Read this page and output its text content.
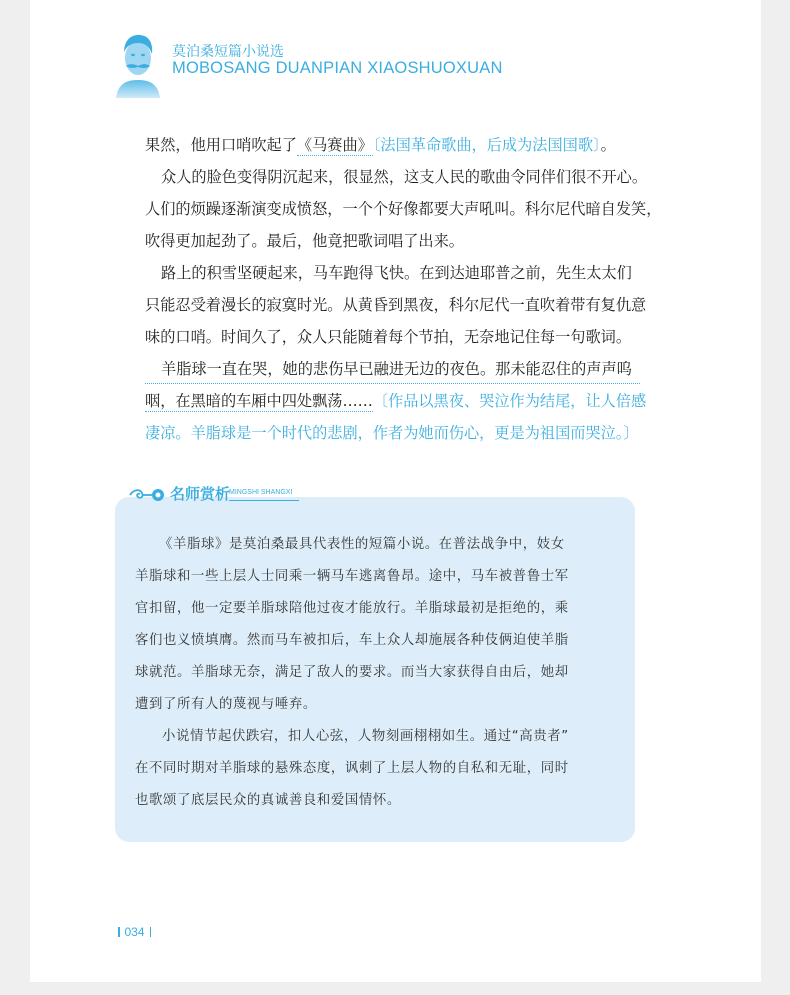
莫泊桑短篇小说选
MOBOSANG DUANPIAN XIAOSHUOXUAN
果然，他用口哨吹起了《马赛曲》〔法国革命歌曲，后成为法国国歌〕。
众人的脸色变得阴沉起来，很显然，这支人民的歌曲令同伴们很不开心。
人们的烦躁逐渐演变成愤怒，一个个好像都要大声吼叫。科尔尼代暗自发笑，
吹得更加起劲了。最后，他竟把歌词唱了出来。
路上的积雪坚硬起来，马车跑得飞快。在到达迪耶普之前，先生太太们
只能忍受着漫长的寂寞时光。从黄昏到黑夜，科尔尼代一直吹着带有复仇意
味的口哨。时间久了，众人只能随着每个节拍，无奈地记住每一句歌词。
羊脂球一直在哭，她的悲伤早已融进无边的夜色。那未能忍住的声声呜
咽，在黑暗的车厢中四处飘荡……〔作品以黑夜、哭泣作为结尾，让人倍感
凄凉。羊脂球是一个时代的悲剧，作者为她而伤心，更是为祖国而哭泣。〕
名师赏析
MINGSHI SHANGXI
《羊脂球》是莫泊桑最具代表性的短篇小说。在普法战争中，妓女
羊脂球和一些上层人士同乘一辆马车逃离鲁昂。途中，马车被普鲁士军
官扣留，他一定要羊脂球陪他过夜才能放行。羊脂球最初是拒绝的，乘
客们也义愤填膺。然而马车被扣后，车上众人却施展各种伎俩迫使羊脂
球就范。羊脂球无奈，满足了敌人的要求。而当大家获得自由后，她却
遭到了所有人的蔑视与唾弃。
小说情节起伏跌宕，扣人心弦，人物刻画栩栩如生。通过“高贵者”
在不同时期对羊脂球的悬殊态度，讽刺了上层人物的自私和无耻，同时
也歌颂了底层民众的真诚善良和爱国情怀。
034
